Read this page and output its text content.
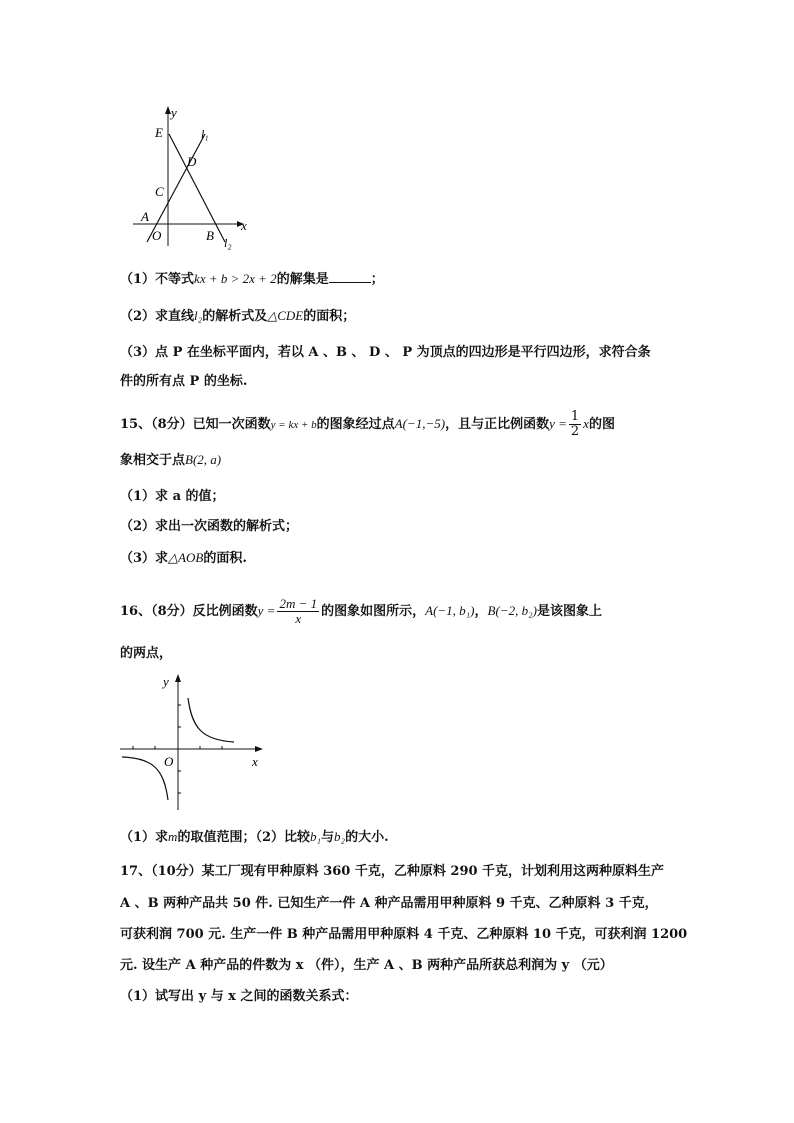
y
E	l₁
D
C
A
x
O	B l₂
（1）不等式kx + b > 2x + 2的解集是	；
（2）求直线l₂的解析式及△CDE的面积；
（3）点 P 在坐标平面内，若以 A 、B 、 D 、 P 为顶点的四边形是平行四边形，求符合条
件的所有点 P 的坐标.
15、（8分）已知一次函数y = kx + b的图象经过点A(−1,−5)，且与正比例函数$y = \frac{1}{2}$ x的图
象相交于点B(2, a)
（1）求 a 的值；
（2）求出一次函数的解析式；
（3）求△AOB的面积.
16、（8分）反比例函数$y = \frac{2m - 1}{x}$ 的图象如图所示，A(−1, b₁)，B(−2, b₂)是该图象上
的两点，
y
O	x
（1）求m的取值范围；（2）比较b₁与b₂的大小.
17、（10分）某工厂现有甲种原料 360 千克，乙种原料 290 千克，计划利用这两种原料生产
A 、B 两种产品共 50 件. 已知生产一件 A 种产品需用甲种原料 9 千克、乙种原料 3 千克，
可获利润 700 元. 生产一件 B 种产品需用甲种原料 4 千克、乙种原料 10 千克，可获利润 1200
元. 设生产 A 种产品的件数为 x （件），生产 A 、B 两种产品所获总利润为 y （元）
（1）试写出 y 与 x 之间的函数关系式：
